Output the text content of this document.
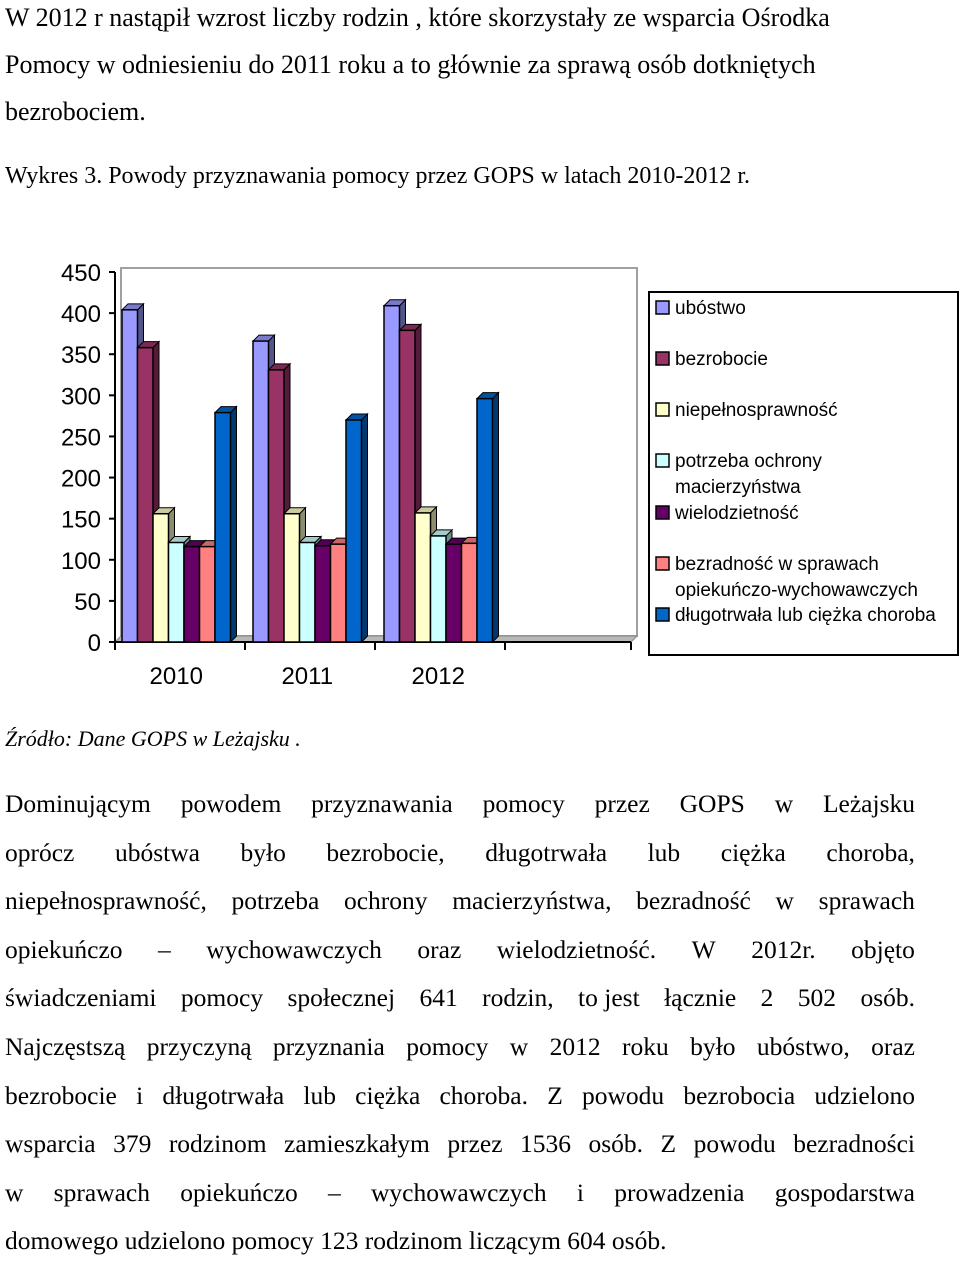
W 2012 r nastąpił wzrost liczby rodzin , które skorzystały ze wsparcia Ośrodka

Pomocy w odniesieniu do 2011 roku a to głównie za sprawą osób dotkniętych

bezrobociem.

Wykres 3. Powody przyznawania pomocy przez GOPS w latach 2010-2012 r.
0
50
100
150
200
250
300
350
400
450
2010	2011	2012
ubóstwo
bezrobocie
niepełnosprawność
potrzeba ochrony
macierzyństwa
wielodzietność
bezradność w sprawach
opiekuńczo-wychowawczych
długotrwała lub ciężka choroba
Źródło: Dane GOPS w Leżajsku .
Dominującym powodem przyznawania pomocy przez GOPS w Leżajsku
oprócz ubóstwa było bezrobocie, długotrwała lub ciężka choroba,
niepełnosprawność, potrzeba ochrony macierzyństwa, bezradność w sprawach
opiekuńczo – wychowawczych oraz wielodzietność. W 2012r. objęto
świadczeniami pomocy społecznej 641 rodzin, to jest łącznie 2 502 osób.
Najczęstszą przyczyną przyznania pomocy w 2012 roku było ubóstwo, oraz
bezrobocie i długotrwała lub ciężka choroba. Z powodu bezrobocia udzielono
wsparcia 379 rodzinom zamieszkałym przez 1536 osób. Z powodu bezradności
w sprawach opiekuńczo – wychowawczych i prowadzenia gospodarstwa
domowego udzielono pomocy 123 rodzinom liczącym 604 osób.
